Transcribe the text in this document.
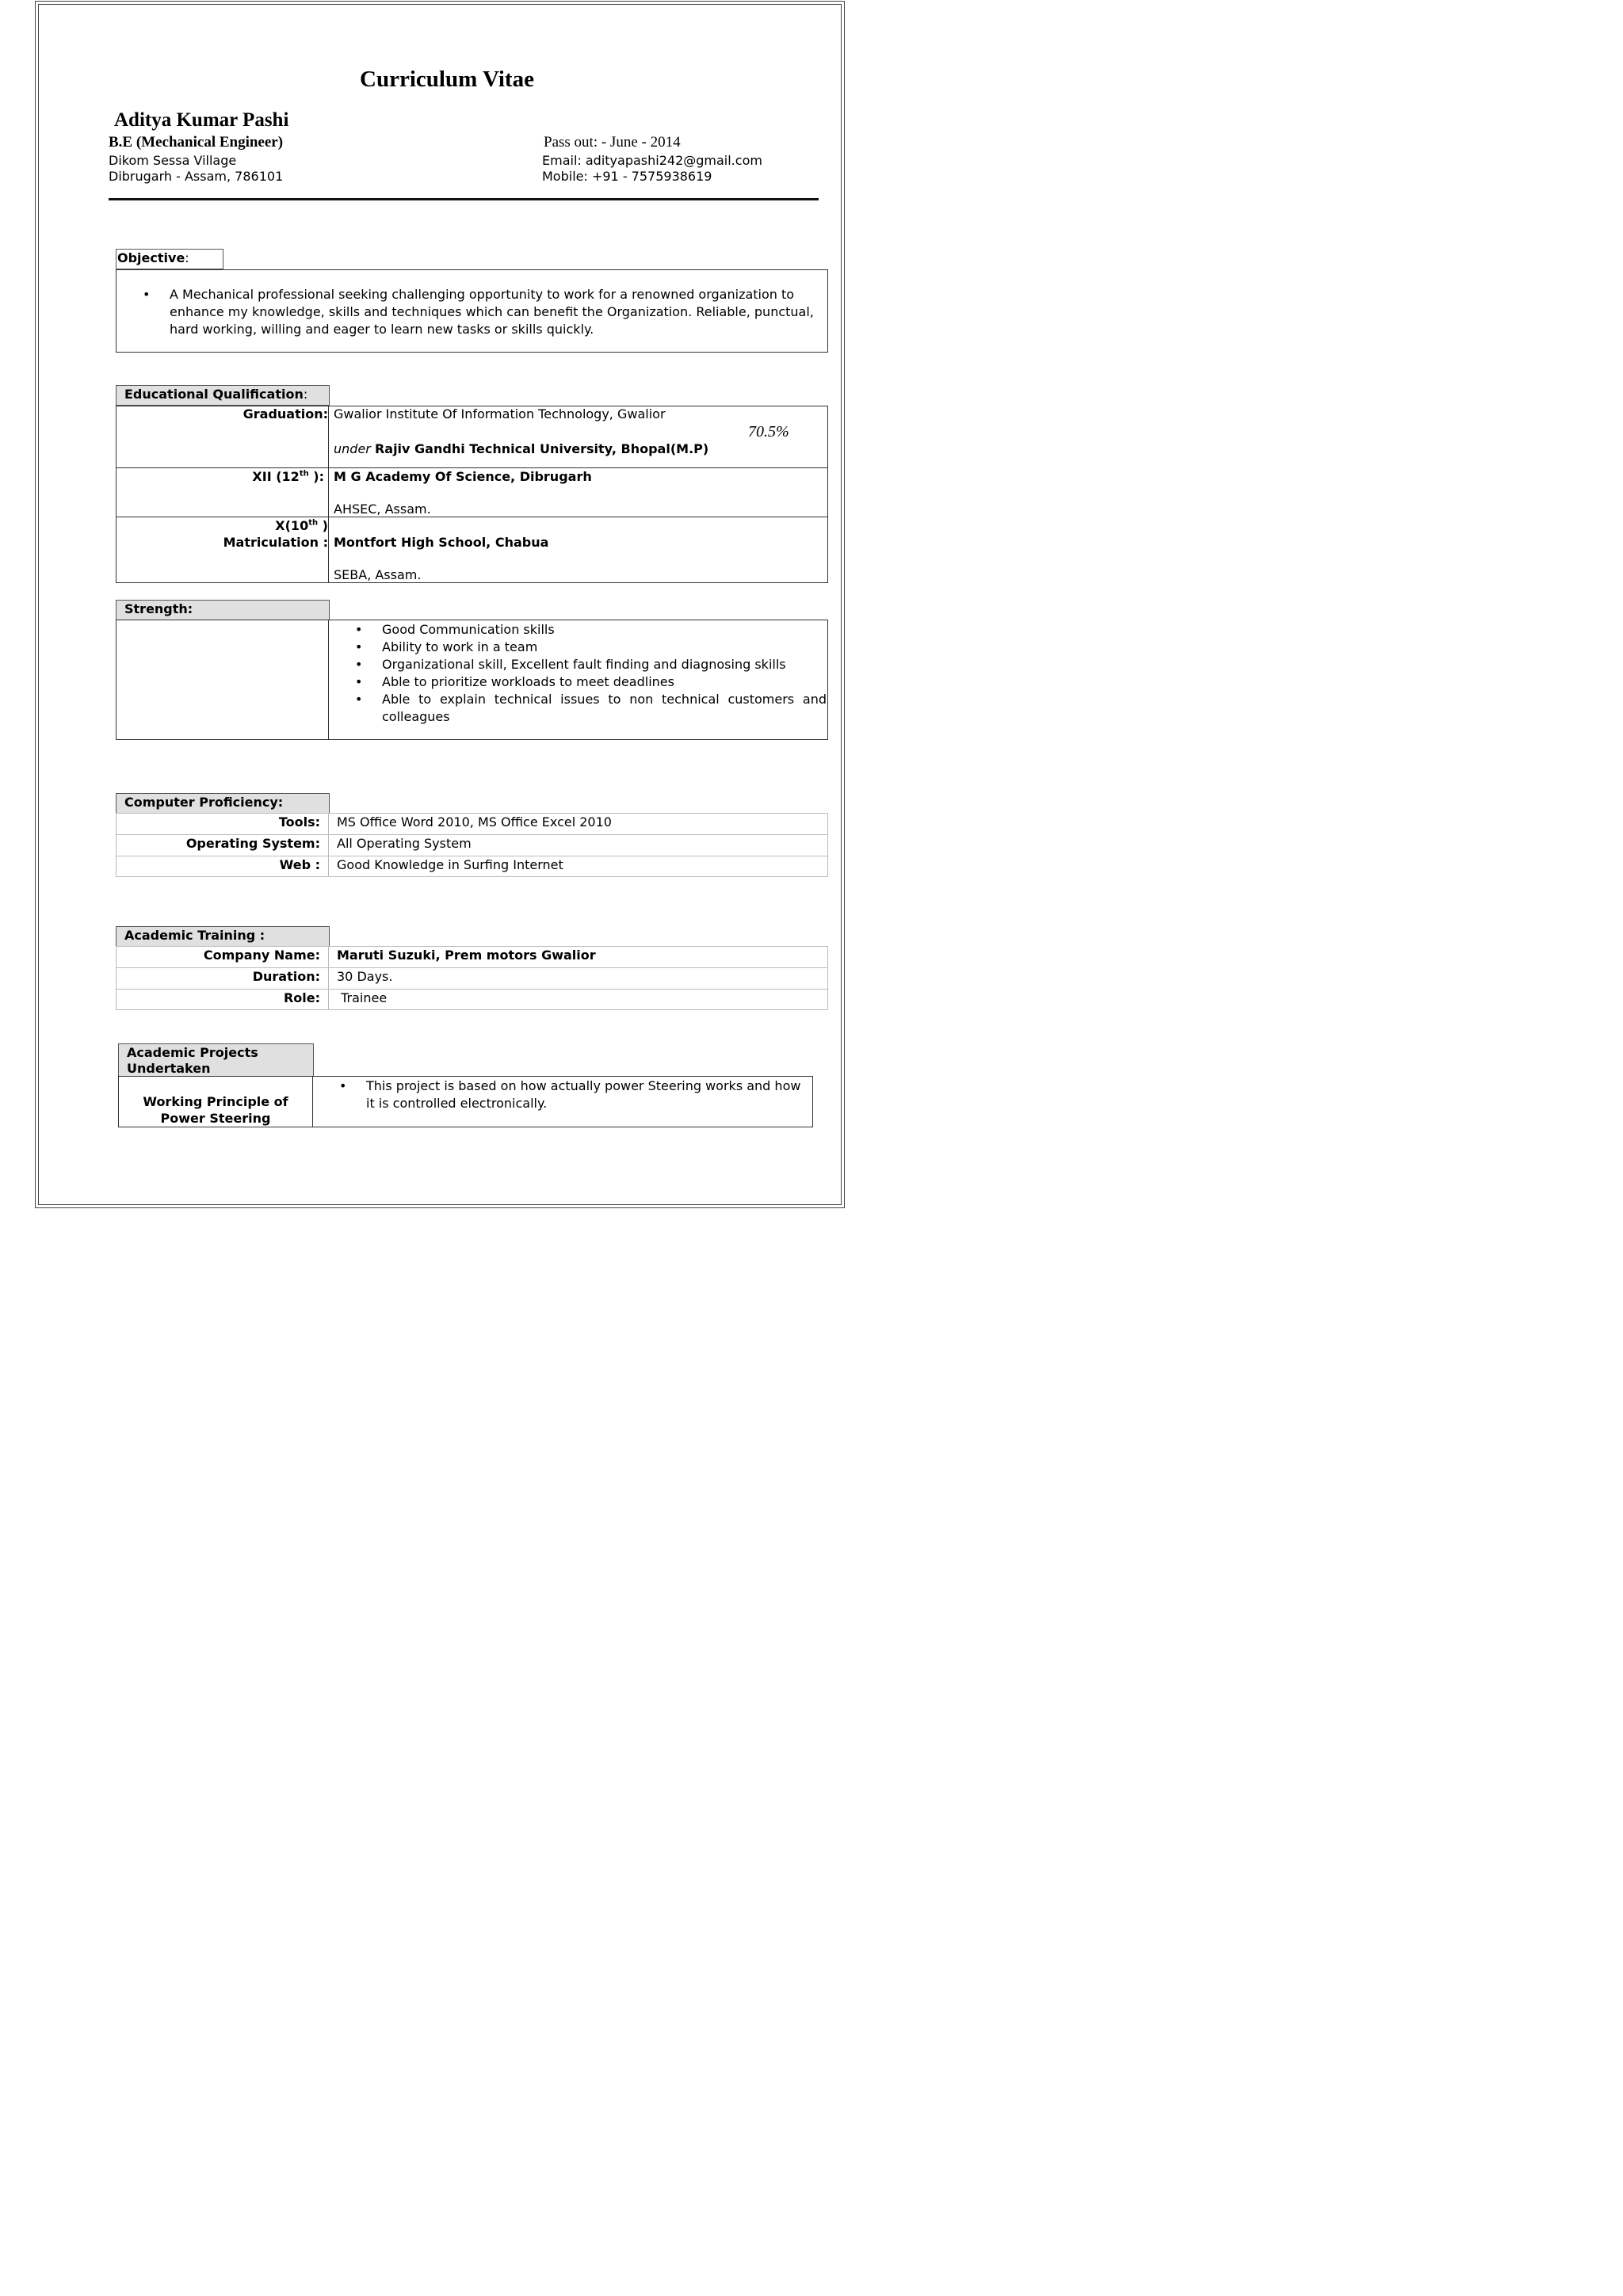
Curriculum Vitae
Aditya Kumar Pashi
B.E (Mechanical Engineer)
Dikom Sessa Village
Dibrugarh - Assam, 786101
Pass out: - June - 2014
Email: adityapashi242@gmail.com
Mobile: +91 - 7575938619
Objective:
• A Mechanical professional seeking challenging opportunity to work for a renowned organization to enhance my knowledge, skills and techniques which can benefit the Organization. Reliable, punctual, hard working, willing and eager to learn new tasks or skills quickly.
Educational Qualification:
Graduation: Gwalior Institute Of Information Technology, Gwalior
70.5%
under Rajiv Gandhi Technical University, Bhopal(M.P)
XII (12th ): M G Academy Of Science, Dibrugarh
AHSEC, Assam.
X(10th )
Matriculation : Montfort High School, Chabua
SEBA, Assam.
Strength:
• Good Communication skills
• Ability to work in a team
• Organizational skill, Excellent fault finding and diagnosing skills
• Able to prioritize workloads to meet deadlines
• Able to explain technical issues to non technical customers and colleagues
Computer Proficiency:
Tools: MS Office Word 2010, MS Office Excel 2010
Operating System: All Operating System
Web : Good Knowledge in Surfing Internet
Academic Training :
Company Name: Maruti Suzuki, Prem motors Gwalior
Duration: 30 Days.
Role: Trainee
Academic Projects Undertaken
Working Principle of Power Steering
• This project is based on how actually power Steering works and how it is controlled electronically.
